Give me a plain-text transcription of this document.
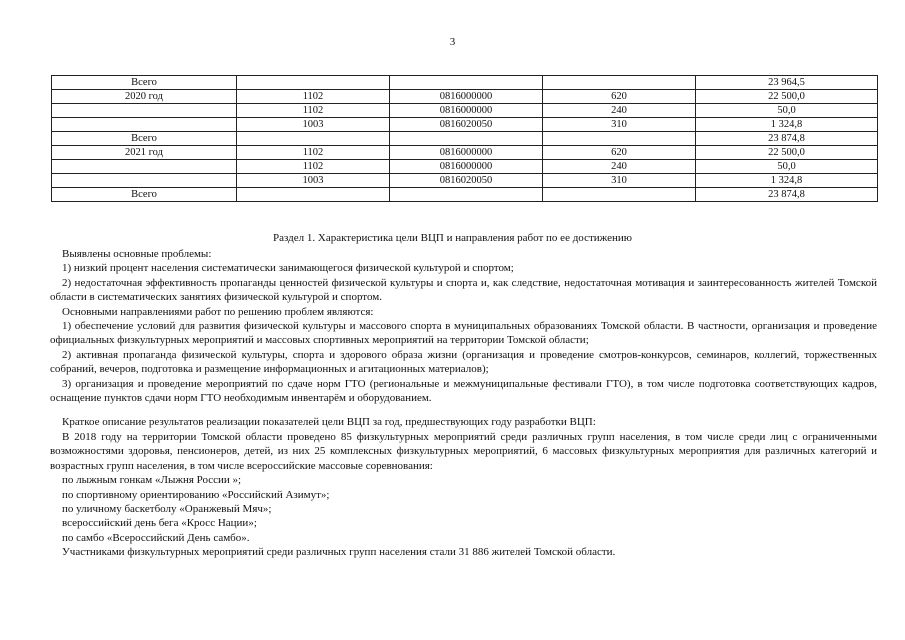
3
Всего				23 964,5
2020 год	1102	0816000000	620	22 500,0
	1102	0816000000	240	50,0
	1003	0816020050	310	1 324,8
Всего				23 874,8
2021 год	1102	0816000000	620	22 500,0
	1102	0816000000	240	50,0
	1003	0816020050	310	1 324,8
Всего				23 874,8
Раздел 1. Характеристика цели ВЦП и направления работ по ее достижению

Выявлены основные проблемы:

1) низкий процент населения систематически занимающегося физической культурой и спортом;

2) недостаточная эффективность пропаганды ценностей физической культуры и спорта и, как следствие, недостаточная мотивация и заинтересованность жителей Томской области в систематических занятиях физической культурой и спортом.

Основными направлениями работ по решению проблем являются:

1) обеспечение условий для развития физической культуры и массового спорта в муниципальных образованиях Томской области. В частности, организация и проведение официальных физкультурных мероприятий и массовых спортивных мероприятий на территории Томской области;

2) активная пропаганда физической культуры, спорта и здорового образа жизни (организация и проведение смотров-конкурсов, семинаров, коллегий, торжественных собраний, вечеров, подготовка и размещение информационных и агитационных материалов);

3) организация и проведение мероприятий по сдаче норм ГТО (региональные и межмуниципальные фестивали ГТО), в том числе подготовка соответствующих кадров, оснащение пунктов сдачи норм ГТО необходимым инвентарём и оборудованием.

Краткое описание результатов реализации показателей цели ВЦП за год, предшествующих году разработки ВЦП:

В 2018 году на территории Томской области проведено 85 физкультурных мероприятий среди различных групп населения, в том числе среди лиц с ограниченными возможностями здоровья, пенсионеров, детей, из них 25 комплексных физкультурных мероприятий, 6 массовых физкультурных мероприятия для различных категорий и возрастных групп населения, в том числе всероссийские массовые соревнования:

по лыжным гонкам «Лыжня России »;

по спортивному ориентированию «Российский Азимут»;

по уличному баскетболу «Оранжевый Мяч»;

всероссийский день бега «Кросс Нации»;

по самбо «Всероссийский День самбо».

Участниками физкультурных мероприятий среди различных групп населения стали 31 886 жителей Томской области.
